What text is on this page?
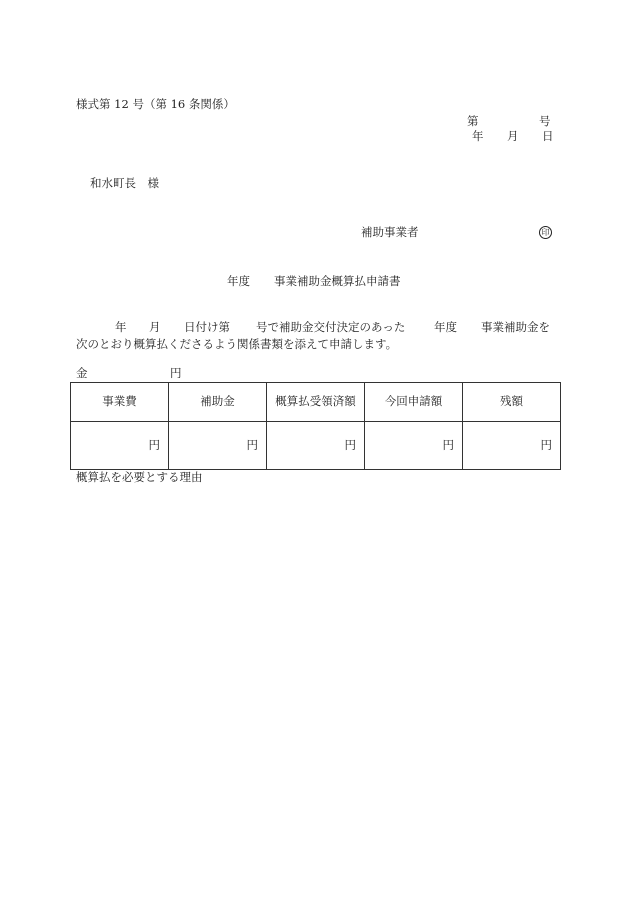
様式第 12 号（第 16 条関係）
第	号
年 月 日
和水町長　様
補助事業者	印
年度 事業補助金概算払申請書
年 月 日付け第 号で補助金交付決定のあった 年度 事業補助金を
次のとおり概算払くださるよう関係書類を添えて申請します。
金	円
事業費	補助金	概算払受領済額	今回申請額	残額
円	円	円	円	円
概算払を必要とする理由
